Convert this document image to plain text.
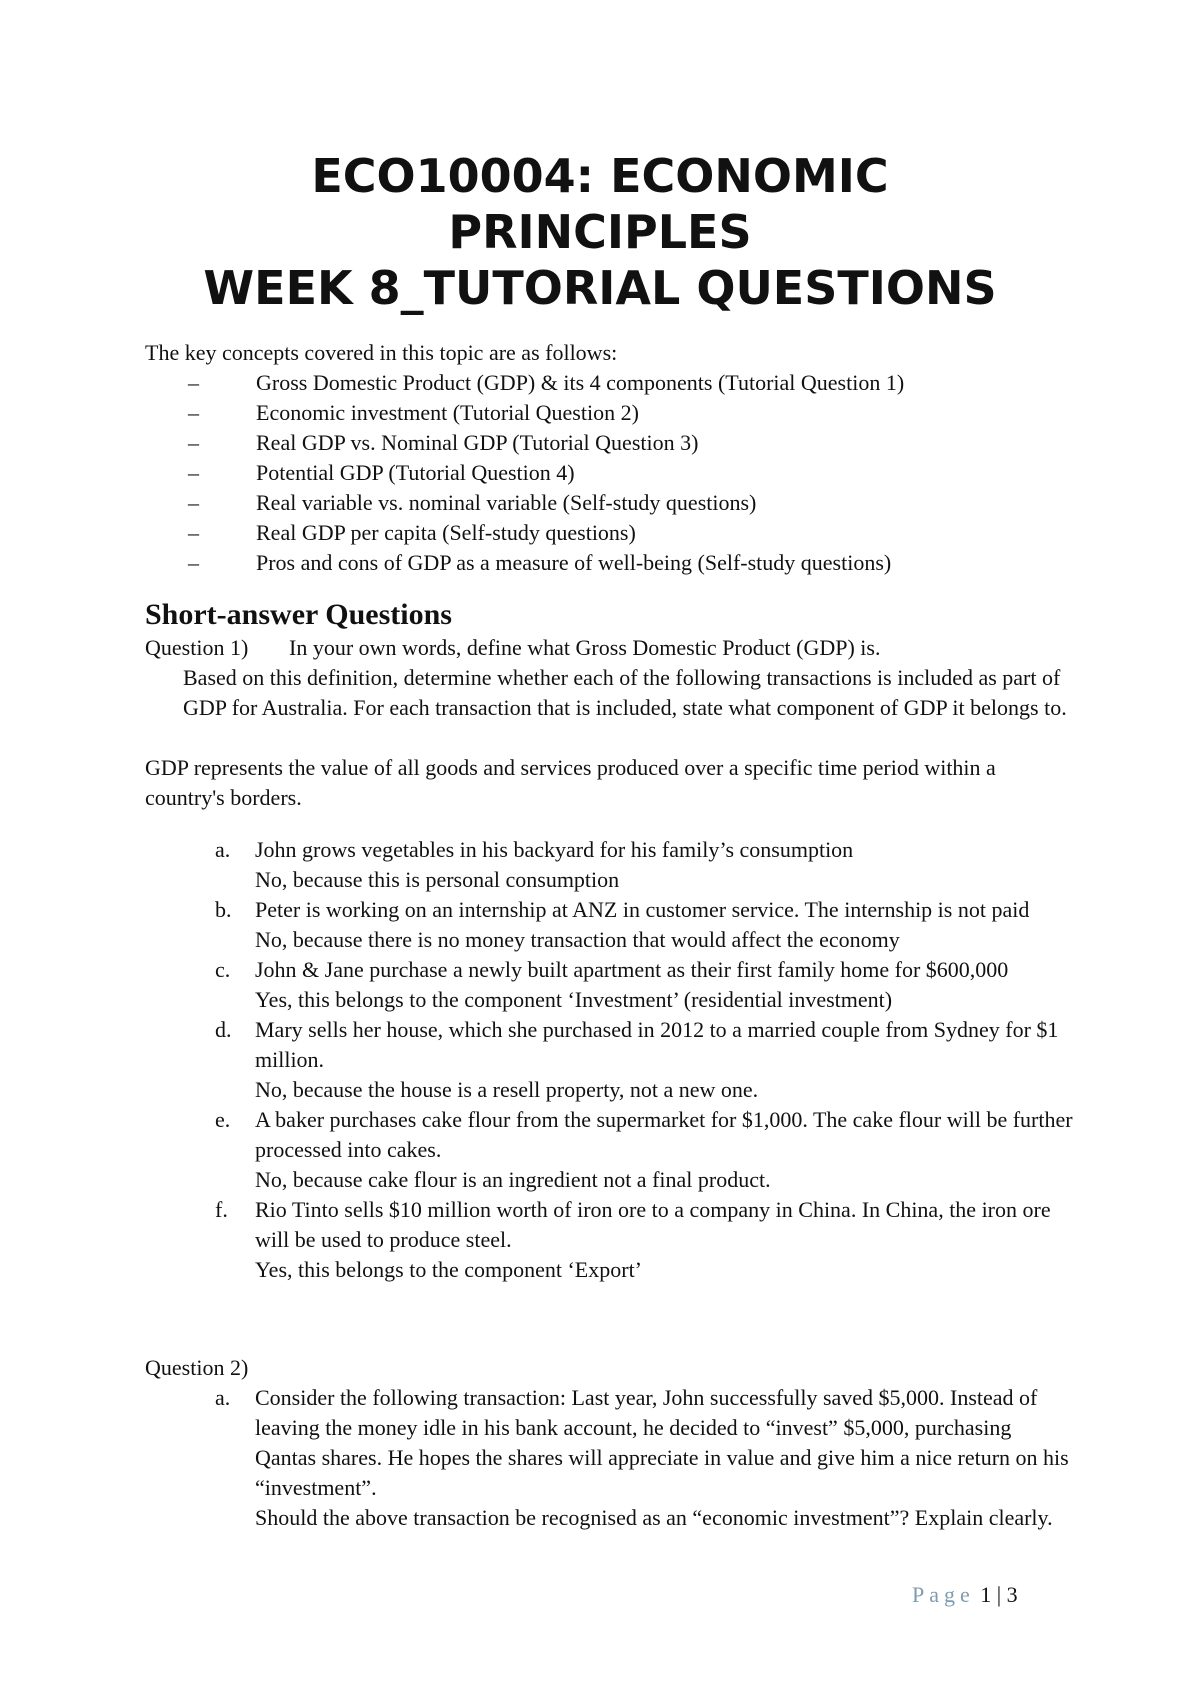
ECO10004: ECONOMIC
PRINCIPLES
WEEK 8_TUTORIAL QUESTIONS
The key concepts covered in this topic are as follows:
–	Gross Domestic Product (GDP) & its 4 components (Tutorial Question 1)
–	Economic investment (Tutorial Question 2)
–	Real GDP vs. Nominal GDP (Tutorial Question 3)
–	Potential GDP (Tutorial Question 4)
–	Real variable vs. nominal variable (Self-study questions)
–	Real GDP per capita (Self-study questions)
–	Pros and cons of GDP as a measure of well-being (Self-study questions)
Short-answer Questions
Question 1) In your own words, define what Gross Domestic Product (GDP) is.
Based on this definition, determine whether each of the following transactions is included as part of GDP for Australia. For each transaction that is included, state what component of GDP it belongs to.
GDP represents the value of all goods and services produced over a specific time period within a country's borders.
a. John grows vegetables in his backyard for his family’s consumption
No, because this is personal consumption
b. Peter is working on an internship at ANZ in customer service. The internship is not paid
No, because there is no money transaction that would affect the economy
c. John & Jane purchase a newly built apartment as their first family home for $600,000
Yes, this belongs to the component ‘Investment’ (residential investment)
d. Mary sells her house, which she purchased in 2012 to a married couple from Sydney for $1 million.
No, because the house is a resell property, not a new one.
e. A baker purchases cake flour from the supermarket for $1,000. The cake flour will be further processed into cakes.
No, because cake flour is an ingredient not a final product.
f. Rio Tinto sells $10 million worth of iron ore to a company in China. In China, the iron ore will be used to produce steel.
Yes, this belongs to the component ‘Export’
Question 2)
a. Consider the following transaction: Last year, John successfully saved $5,000. Instead of leaving the money idle in his bank account, he decided to “invest” $5,000, purchasing Qantas shares. He hopes the shares will appreciate in value and give him a nice return on his “investment”.
Should the above transaction be recognised as an “economic investment”? Explain clearly.
Page 1 | 3
